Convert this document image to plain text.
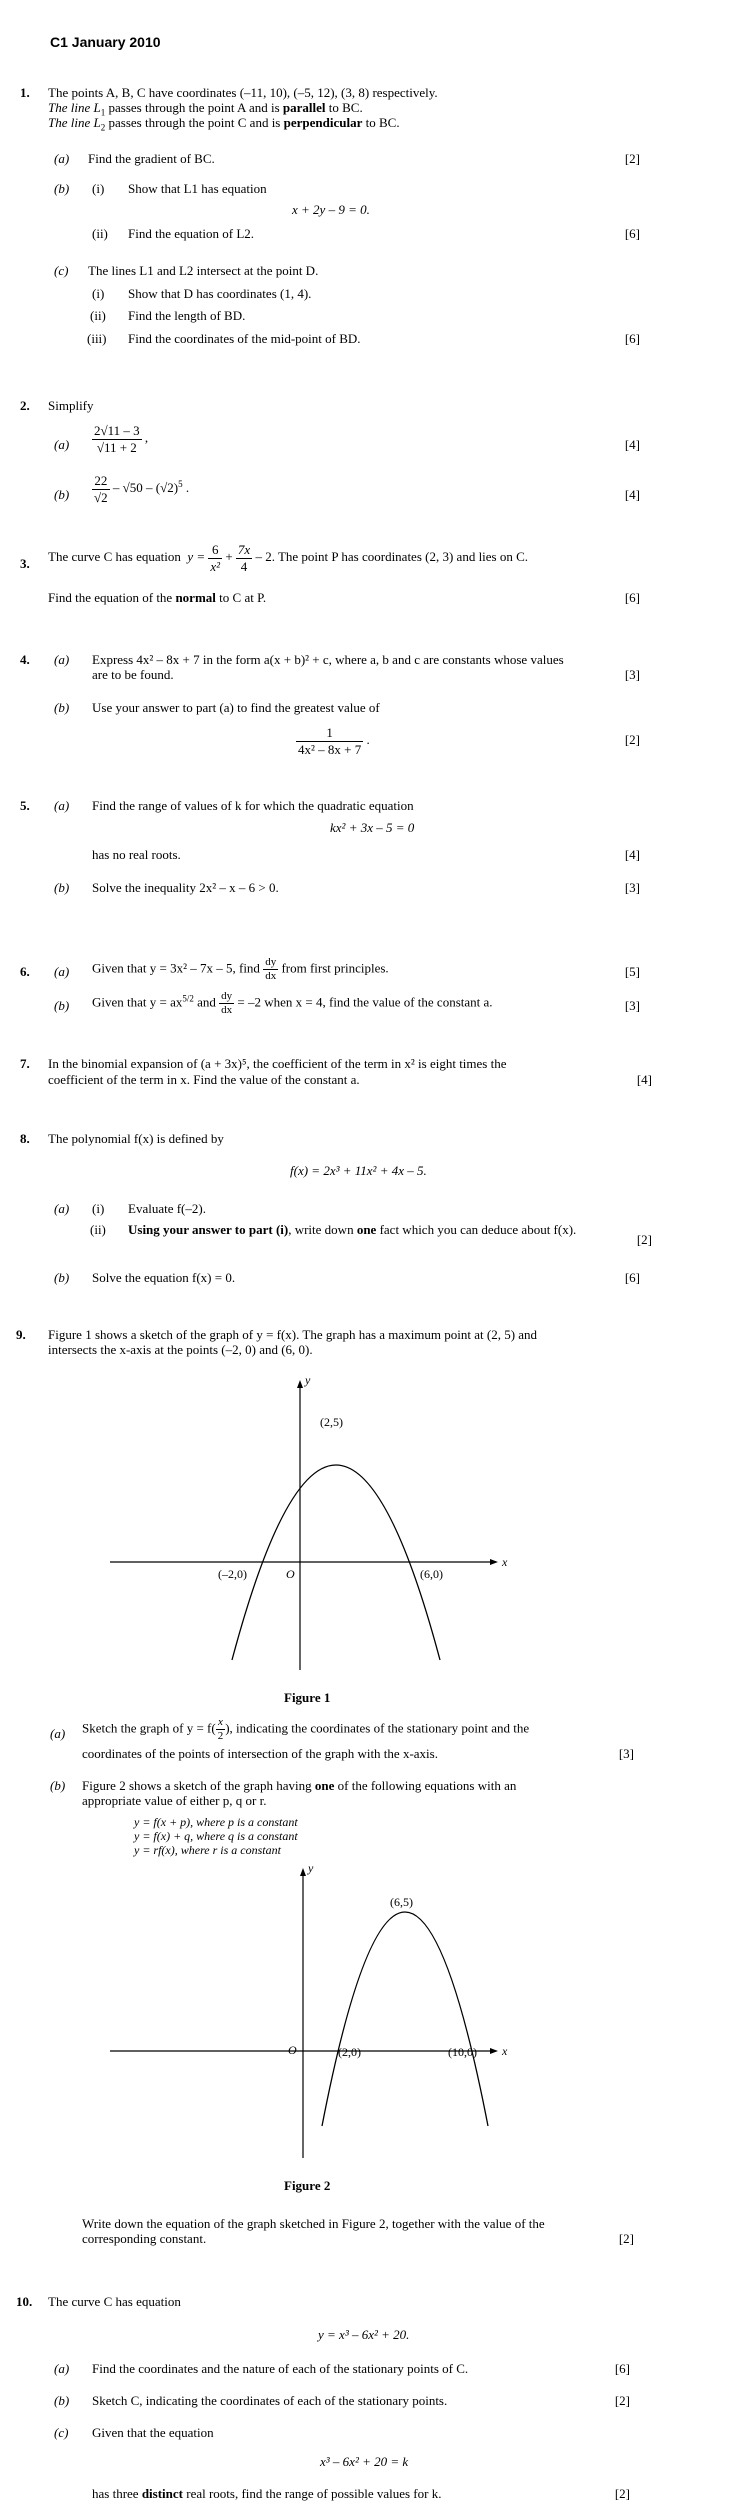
C1 January 2010
1. The points A, B, C have coordinates (–11, 10), (–5, 12), (3, 8) respectively.
The line $L_1$ passes through the point A and is parallel to BC.
The line $L_2$ passes through the point C and is perpendicular to BC.
(a) Find the gradient of BC.	[2]
(b) (i) Show that L1 has equation
x + 2y – 9 = 0.
(ii) Find the equation of L2.	[6]
(c) The lines L1 and L2 intersect at the point D.
(i) Show that D has coordinates (1, 4).
(ii) Find the length of BD.
(iii) Find the coordinates of the mid-point of BD.	[6]
2. Simplify
$(a) \frac{2√11 - 3}{√11 + 2}$ ,	[4]
$(b) \frac{22}{√2} - √50 - (√2)^5$ .	[4]
3. The curve C has equation $y = \frac{6}{\text{x²}} + \frac{7x}{4} - 2$. The point P has coordinates (2, 3) and lies on C.
Find the equation of the normal to C at P.	[6]
4. (a) Express 4x² – 8x + 7 in the form a(x + b)² + c, where a, b and c are constants whose values
are to be found.	[3]
(b) Use your answer to part (a) to find the greatest value of
$\frac{1}{\text{4x² – 8x + 7}}$ .	[2]
5. (a) Find the range of values of k for which the quadratic equation
kx² + 3x – 5 = 0
has no real roots.	[4]
(b) Solve the inequality 2x² – x – 6 > 0.	[3]
6. (a) Given that y = 3x² – 7x – 5, find $\frac{dy}{dx}$ from first principles.	[5]
(b) Given that $y = ax^{5/2}$ and $\frac{dy}{dx} = -2$ when x = 4, find the value of the constant a.	[3]
7. In the binomial expansion of (a + 3x)⁵, the coefficient of the term in x² is eight times the
coefficient of the term in x. Find the value of the constant a.	[4]
8. The polynomial f(x) is defined by
f(x) = 2x³ + 11x² + 4x – 5.
(a) (i) Evaluate f(–2).
(ii) Using your answer to part (i), write down one fact which you can deduce about f(x).
[2]
(b) Solve the equation f(x) = 0.	[6]
9. Figure 1 shows a sketch of the graph of y = f(x). The graph has a maximum point at (2, 5) and
intersects the x-axis at the points (–2, 0) and (6, 0).
y
x
O
(2,5)
(–2,0)	(6,0)
Figure 1
(a) Sketch the graph of $y = f( \frac{x}{2}$ ), indicating the coordinates of the stationary point and the
coordinates of the points of intersection of the graph with the x-axis.	[3]
(b) Figure 2 shows a sketch of the graph having one of the following equations with an
appropriate value of either p, q or r.
y = f(x + p), where p is a constant
y = f(x) + q, where q is a constant
y = rf(x), where r is a constant
y
x
O
(6,5)
(2,0)	(10,0)
Figure 2
Write down the equation of the graph sketched in Figure 2, together with the value of the
corresponding constant.	[2]
10. The curve C has equation
y = x³ – 6x² + 20.
(a) Find the coordinates and the nature of each of the stationary points of C.	[6]
(b) Sketch C, indicating the coordinates of each of the stationary points.	[2]
(c) Given that the equation
x³ – 6x² + 20 = k
has three distinct real roots, find the range of possible values for k.	[2]
